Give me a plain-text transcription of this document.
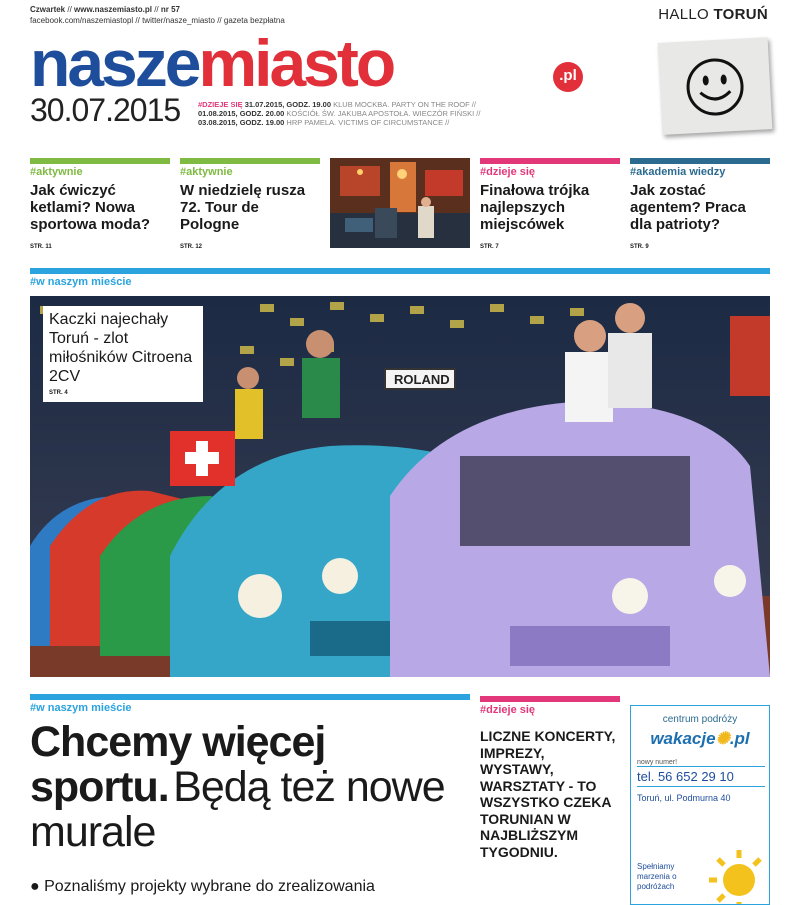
Czwartek // www.naszemiasto.pl // nr 57
facebook.com/naszemiastopl // twitter/nasze_miasto // gazeta bezpłatna	HALLO TORUŃ
naszemiasto	.pl
30.07.2015 #DZIEJE SIĘ 31.07.2015, GODZ. 19.00 KLUB MOCKBA. PARTY ON THE ROOF //
01.08.2015, GODZ. 20.00 KOŚCIÓŁ ŚW. JAKUBA APOSTOŁA. WIECZÓR FIŃSKI //
03.08.2015, GODZ. 19.00 HRP PAMELA. VICTIMS OF CIRCUMSTANCE //
#aktywnie
Jak ćwiczyć ketlami? Nowa sportowa moda?
STR. 11
#aktywnie
W niedzielę rusza 72. Tour de Pologne
STR. 12
#dzieje się
Finałowa trójka najlepszych miejscówek
STR. 7
#akademia wiedzy
Jak zostać agentem? Praca dla patrioty?
STR. 9
#w naszym mieście
ROLAND
Kaczki najechały Toruń - zlot miłośników Citroena 2CV
STR. 4
#w naszym mieście
Chcemy więcej sportu. Będą też nowe murale
● Poznaliśmy projekty wybrane do zrealizowania
#dzieje się
LICZNE KONCERTY, IMPREZY, WYSTAWY, WARSZTATY - TO WSZYSTKO CZEKA TORUNIAN W NAJBLIŻSZYM TYGODNIU.
centrum podróży
wakacje✺.pl
nowy numer!
tel. 56 652 29 10
Toruń, ul. Podmurna 40
Spełniamy marzenia o podróżach
